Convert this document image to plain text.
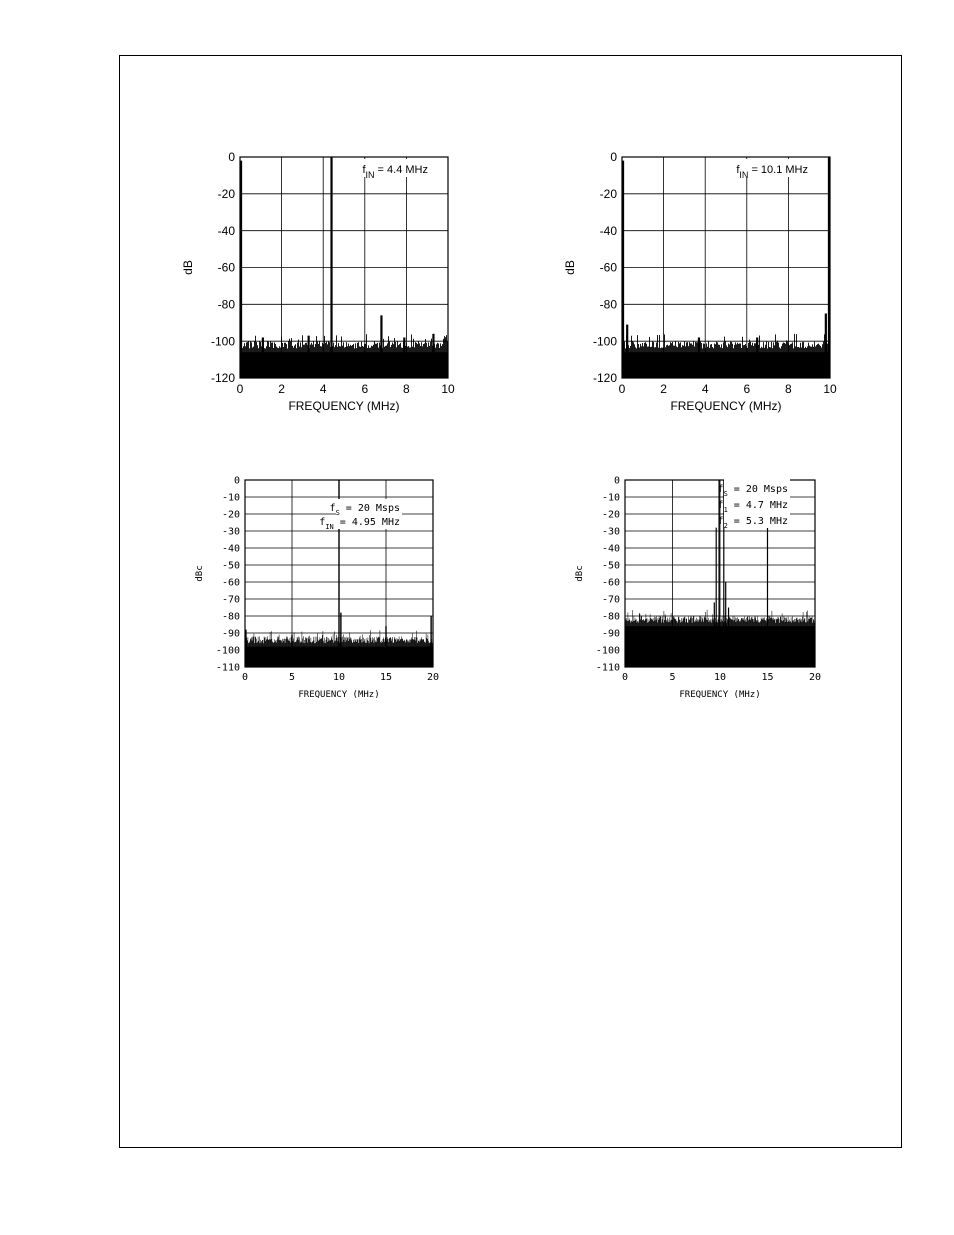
0
-20
-40
-60
-80
-100
-120
0	2	4	6	8	10
FREQUENCY (MHz)
dB
$f_{IN} = 4.4$ MHz
0
-20
-40
-60
-80
-100
-120
0	2	4	6	8	10
FREQUENCY (MHz)
dB
$f_{IN} = 10.1$ MHz
0
-10
-20
-30
-40
-50
-60
-70
-80
-90
-100
-110
0	5	10	15	20
FREQUENCY (MHz)
dBc
$f_S = 20$ Msps
$f_{IN} = 4.95$ MHz
0
-10
-20
-30
-40
-50
-60
-70
-80
-90
-100
-110
0	5	10	15	20
FREQUENCY (MHz)
dBc
$f_S = 20$ Msps
$f_1 = 4.7$ MHz
$f_2 = 5.3$ MHz
